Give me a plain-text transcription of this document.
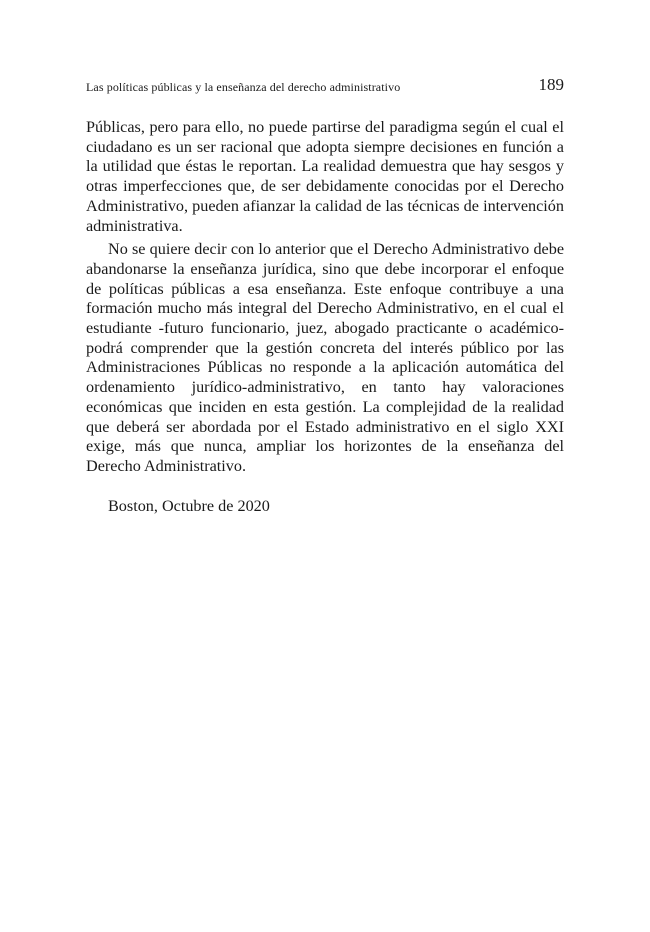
Las políticas públicas y la enseñanza del derecho administrativo	189

Públicas, pero para ello, no puede partirse del paradigma según el cual el ciudadano es un ser racional que adopta siempre decisiones en función a la utilidad que éstas le reportan. La realidad demuestra que hay sesgos y otras imperfecciones que, de ser debidamente conocidas por el Derecho Administrativo, pueden afianzar la calidad de las técnicas de intervención administrativa.

No se quiere decir con lo anterior que el Derecho Administrativo debe abandonarse la enseñanza jurídica, sino que debe incorporar el enfoque de políticas públicas a esa enseñanza. Este enfoque contribuye a una formación mucho más integral del Derecho Administrativo, en el cual el estudiante -futuro funcionario, juez, abogado practicante o académico- podrá comprender que la gestión concreta del interés público por las Administraciones Públicas no responde a la aplicación automática del ordenamiento jurídico-administrativo, en tanto hay valoraciones económicas que inciden en esta gestión. La complejidad de la realidad que deberá ser abordada por el Estado administrativo en el siglo XXI exige, más que nunca, ampliar los horizontes de la enseñanza del Derecho Administrativo.

Boston, Octubre de 2020
